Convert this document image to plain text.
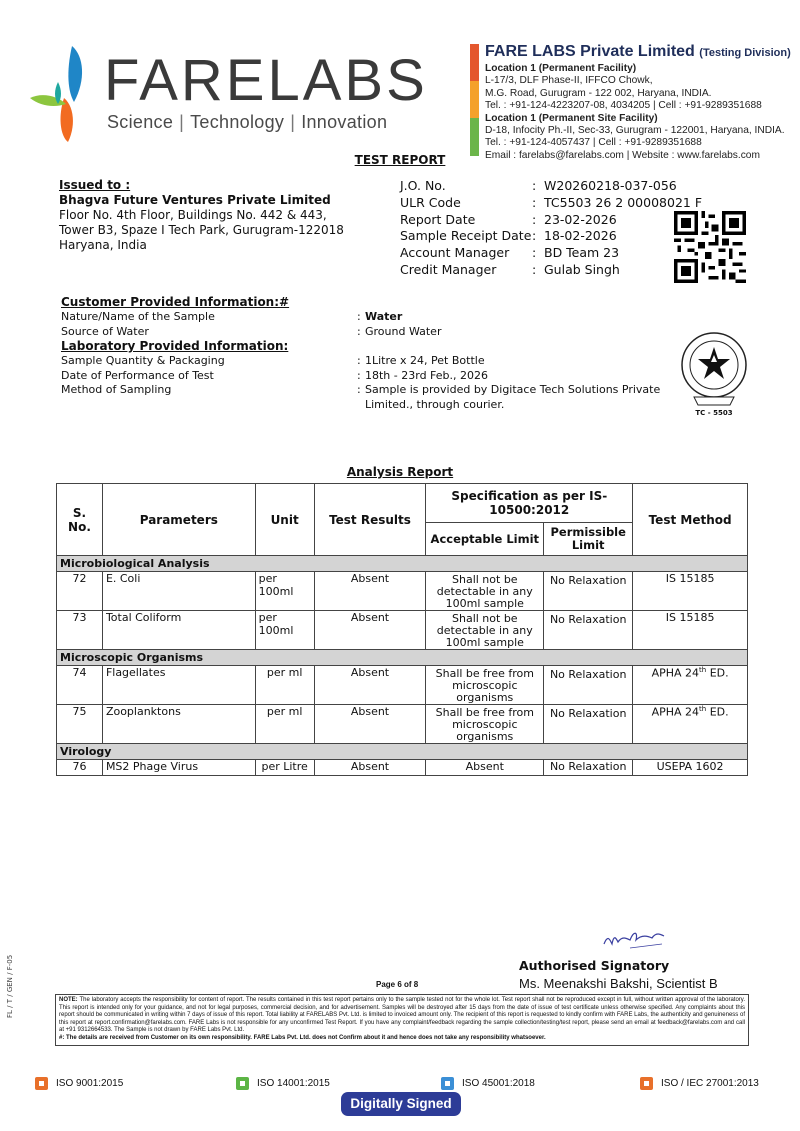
FARELABS
Science | Technology | Innovation
FARE LABS Private Limited (Testing Division)
Location 1 (Permanent Facility)
L-17/3, DLF Phase-II, IFFCO Chowk,
M.G. Road, Gurugram - 122 002, Haryana, INDIA.
Tel. : +91-124-4223207-08, 4034205 | Cell : +91-9289351688
Location 1 (Permanent Site Facility)
D-18, Infocity Ph.-II, Sec-33, Gurugram - 122001, Haryana, INDIA.
Tel. : +91-124-4057437 | Cell : +91-9289351688
Email : farelabs@farelabs.com | Website : www.farelabs.com
TEST REPORT
Issued to :
Bhagva Future Ventures Private Limited
Floor No. 4th Floor, Buildings No. 442 & 443,
Tower B3, Spaze I Tech Park, Gurugram-122018
Haryana, India
J.O. No.	: W20260218-037-056
ULR Code	: TC5503 26 2 00008021 F
Report Date	: 23-02-2026
Sample Receipt Date : 18-02-2026
Account Manager	: BD Team 23
Credit Manager	: Gulab Singh
Customer Provided Information:#
Nature/Name of the Sample	: Water
Source of Water	: Ground Water
Laboratory Provided Information:
Sample Quantity & Packaging	: 1Litre x 24, Pet Bottle
Date of Performance of Test	: 18th - 23rd Feb., 2026
Method of Sampling	: Sample is provided by Digitace Tech Solutions Private Limited., through courier.
TC - 5503
Analysis Report
S. No.	Parameters	Unit	Test Results	Specification as per IS-10500:2012		Test Method
				Acceptable Limit	Permissible Limit	
Microbiological Analysis						
72	E. Coli	per 100ml	Absent	Shall not be detectable in any 100ml sample	No Relaxation	IS 15185
73	Total Coliform	per 100ml	Absent	Shall not be detectable in any 100ml sample	No Relaxation	IS 15185
Microscopic Organisms						
74	Flagellates	per ml	Absent	Shall be free from microscopic organisms	No Relaxation	APHA 24th ED.
75	Zooplanktons	per ml	Absent	Shall be free from microscopic organisms	No Relaxation	APHA 24th ED.
Virology						
76	MS2 Phage Virus	per Litre	Absent	Absent	No Relaxation	USEPA 1602
Authorised Signatory
Ms. Meenakshi Bakshi, Scientist B
Page 6 of 8
FL / T / GEN / F-05	NOTE: The laboratory accepts the responsibility for content of report. The results contained in this test report pertains only to the sample tested not for the whole lot. Test report shall not be reproduced except in full, without written approval of the laboratory. This report is intended only for your guidance, and not for legal purposes, commercial decision, and for advertisement. Samples will be destroyed after 15 days from the date of issue of test certificate unless otherwise specified. Any complaints about this report should be communicated in writing within 7 days of issue of this report. Total liability at FARELABS Pvt. Ltd. is limited to invoiced amount only. The recipient of this report is requested to kindly confirm with FARE Labs, the authenticity and genuineness of this report at report.confirmation@farelabs.com. FARE Labs is not responsible for any unconfirmed Test Report. If you have any complaint/feedback regarding the sample collection/testing/test report, please send an email at feedback@farelabs.com and call at +91 9312664533. The Sample is not drawn by FARE Labs Pvt. Ltd.
#: The details are received from Customer on its own responsibility. FARE Labs Pvt. Ltd. does not Confirm about it and hence does not take any responsibility whatsoever.
ISO 9001:2015	ISO 14001:2015	ISO 45001:2018	ISO / IEC 27001:2013
Digitally Signed
